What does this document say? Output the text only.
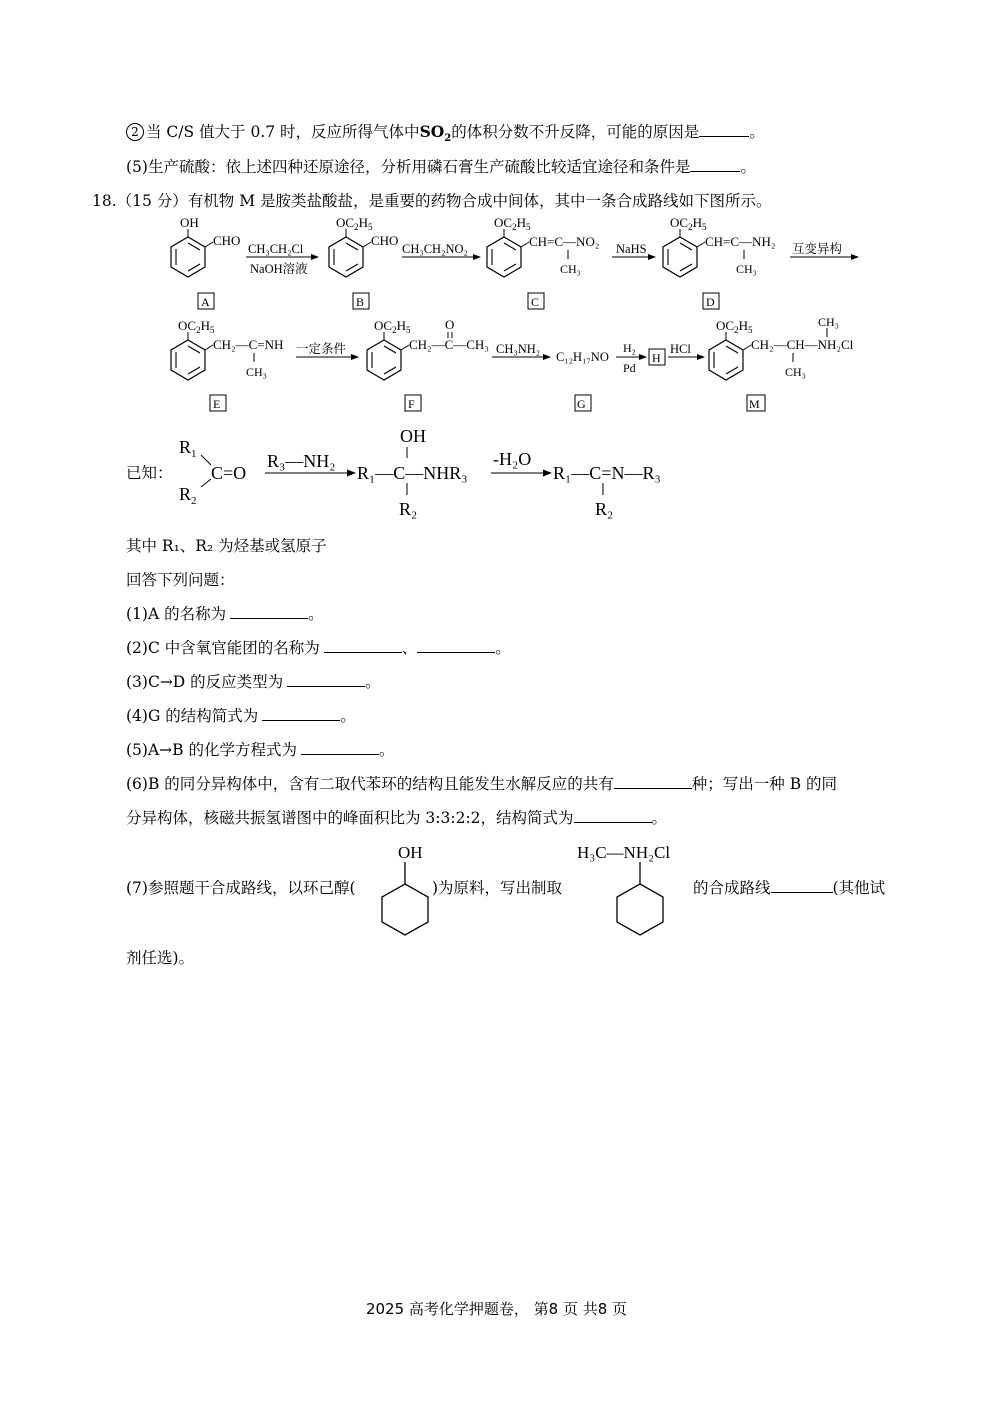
2 当 C/S 值大于 0.7 时，反应所得气体中$SO_2$的体积分数不升反降，可能的原因是	。
(5)生产硫酸：依上述四种还原途径，分析用磷石膏生产硫酸比较适宜途径和条件是	。
18.（15 分）有机物 M 是胺类盐酸盐，是重要的药物合成中间体，其中一条合成路线如下图所示。
OH
CHO
CH₃CH₂Cl
NaOH溶液
$OC_2H_5$
CHO
CH₃CH₂NO₂
$OC_2H_5$
CH=C—NO₂
CH₃
NaHS
$OC_2H_5$
CH=C—NH₂
CH₃
互变异构
A	B	C	D
$OC_2H_5$
CH₂—C=NH
CH₃
一定条件
$OC_2H_5$
CH₂—C—CH₃
O
CH₃NH₂
C₁₂H₁₇NO
H₂
Pd
H
HCl
$OC_2H_5$
CH₂—CH—NH₂Cl
CH₃
CH₃
E	F	G	M
已知：
$R_1$
C=O
$R_2$
R₃—NH₂
OH
R₁—C—NHR₃
R₂
-H₂O
R₁—C=N—R₃
R₂
其中 R₁、R₂ 为烃基或氢原子
回答下列问题：
(1)A 的名称为	。
(2)C 中含氧官能团的名称为	、	。
(3)C→D 的反应类型为	。
(4)G 的结构简式为	。
(5)A→B 的化学方程式为	。
(6)B 的同分异构体中，含有二取代苯环的结构且能发生水解反应的共有	种；写出一种 B 的同
分异构体，核磁共振氢谱图中的峰面积比为 3:3:2:2，结构简式为	。
(7)参照题干合成路线，以环己醇(
OH
)为原料，写出制取
H₃C—NH₂Cl
的合成路线	(其他试
剂任选)。
2025 高考化学押题卷， 第8 页 共8 页
